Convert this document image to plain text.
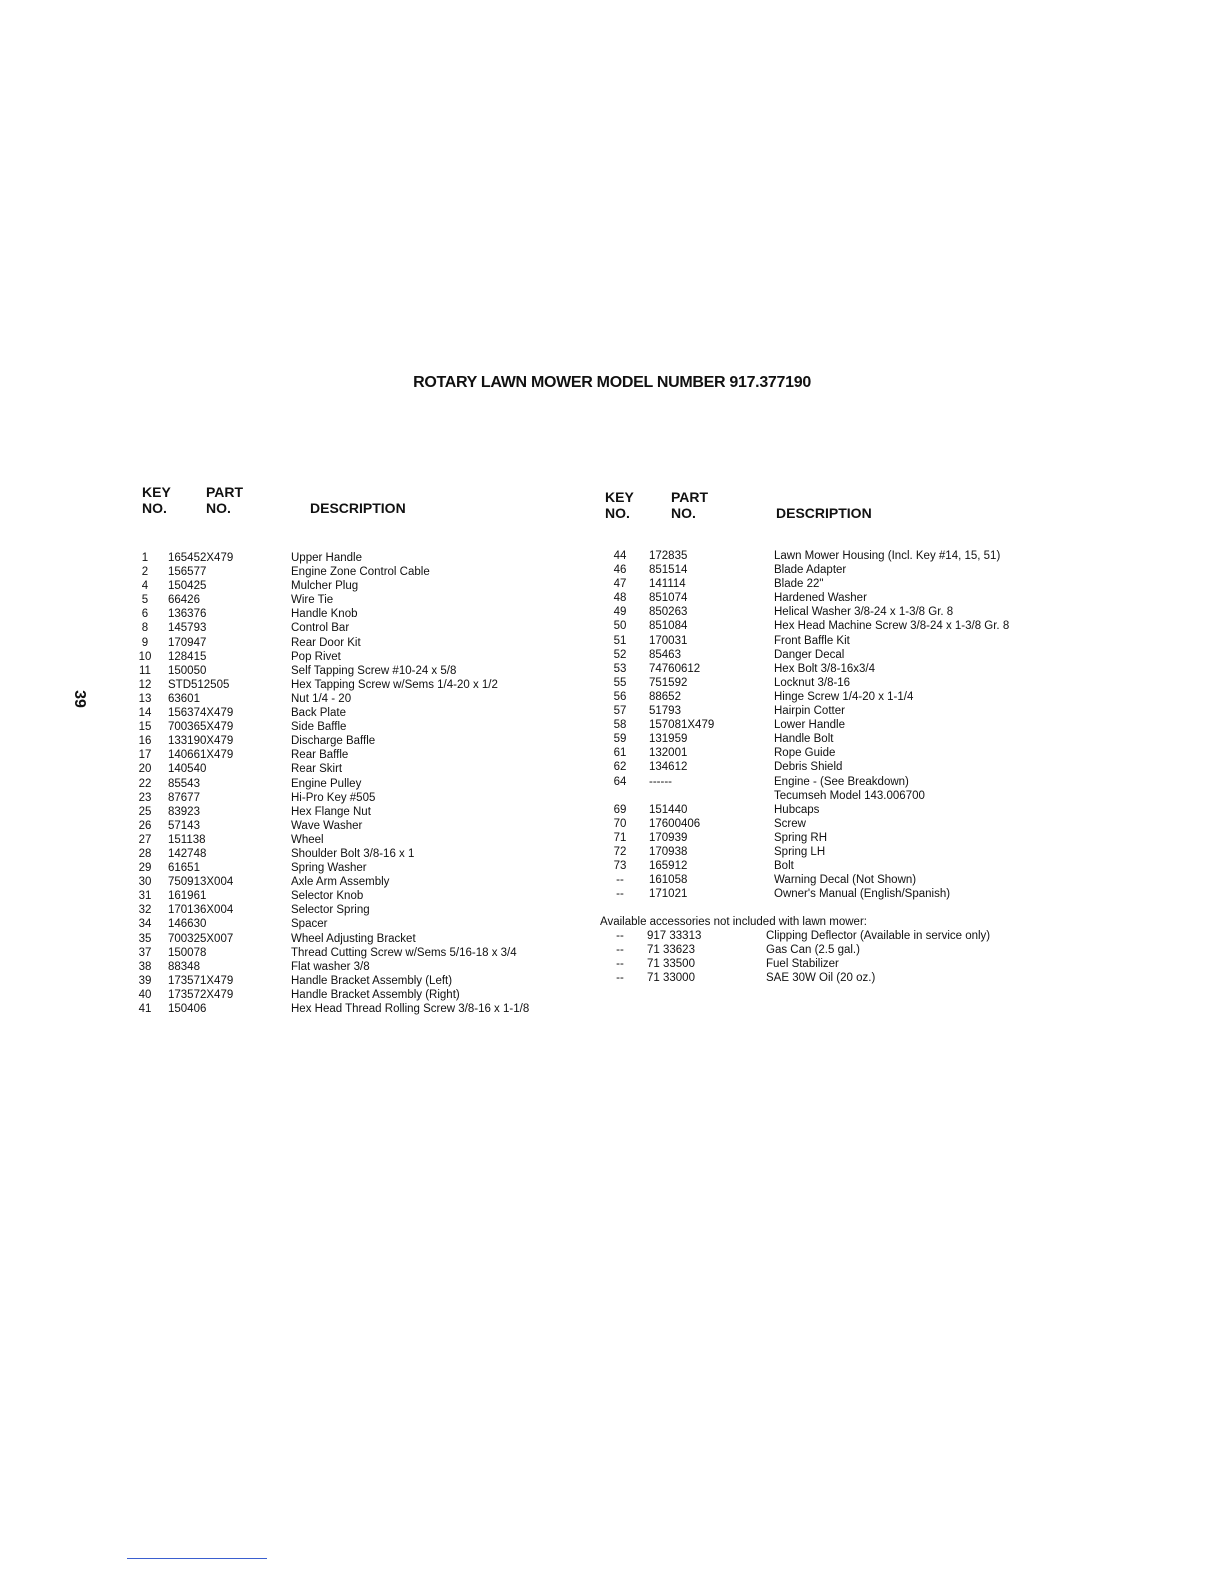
ROTARY LAWN MOWER MODEL NUMBER 917.377190
39
KEY
NO.
PART
NO.	DESCRIPTION
KEY
NO.
PART
NO.	DESCRIPTION
1	165452X479	Upper Handle
2	156577	Engine Zone Control Cable
4	150425	Mulcher Plug
5	66426	Wire Tie
6	136376	Handle Knob
8	145793	Control Bar
9	170947	Rear Door Kit
10	128415	Pop Rivet
11	150050	Self Tapping Screw #10-24 x 5/8
12	STD512505	Hex Tapping Screw w/Sems 1/4-20 x 1/2
13	63601	Nut 1/4 - 20
14	156374X479	Back Plate
15	700365X479	Side Baffle
16	133190X479	Discharge Baffle
17	140661X479	Rear Baffle
20	140540	Rear Skirt
22	85543	Engine Pulley
23	87677	Hi-Pro Key #505
25	83923	Hex Flange Nut
26	57143	Wave Washer
27	151138	Wheel
28	142748	Shoulder Bolt 3/8-16 x 1
29	61651	Spring Washer
30	750913X004	Axle Arm Assembly
31	161961	Selector Knob
32	170136X004	Selector Spring
34	146630	Spacer
35	700325X007	Wheel Adjusting Bracket
37	150078	Thread Cutting Screw w/Sems 5/16-18 x 3/4
38	88348	Flat washer 3/8
39	173571X479	Handle Bracket Assembly (Left)
40	173572X479	Handle Bracket Assembly (Right)
41	150406	Hex Head Thread Rolling Screw 3/8-16 x 1-1/8
44	172835	Lawn Mower Housing (Incl. Key #14, 15, 51)
46	851514	Blade Adapter
47	141114	Blade 22"
48	851074	Hardened Washer
49	850263	Helical Washer 3/8-24 x 1-3/8 Gr. 8
50	851084	Hex Head Machine Screw 3/8-24 x 1-3/8 Gr. 8
51	170031	Front Baffle Kit
52	85463	Danger Decal
53	74760612	Hex Bolt 3/8-16x3/4
55	751592	Locknut 3/8-16
56	88652	Hinge Screw 1/4-20 x 1-1/4
57	51793	Hairpin Cotter
58	157081X479	Lower Handle
59	131959	Handle Bolt
61	132001	Rope Guide
62	134612	Debris Shield
64	------	Engine - (See Breakdown)
Tecumseh Model 143.006700
69	151440	Hubcaps
70	17600406	Screw
71	170939	Spring RH
72	170938	Spring LH
73	165912	Bolt
--	161058	Warning Decal (Not Shown)
--	171021	Owner's Manual (English/Spanish)
Available accessories not included with lawn mower:
--	917 33313	Clipping Deflector (Available in service only)
--	71 33623	Gas Can (2.5 gal.)
--	71 33500	Fuel Stabilizer
--	71 33000	SAE 30W Oil (20 oz.)
